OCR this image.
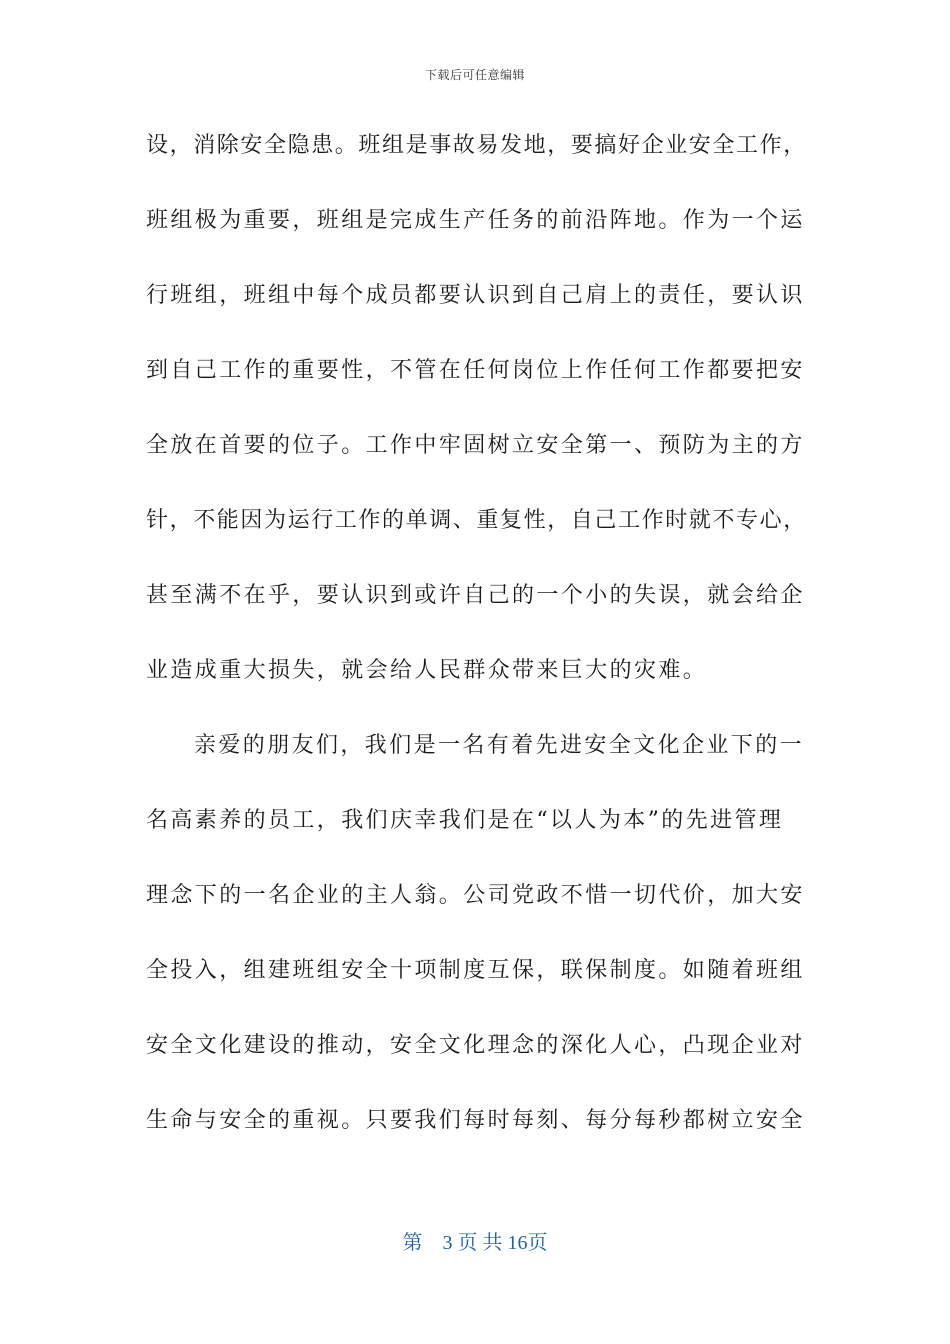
下载后可任意编辑
设，消除安全隐患。班组是事故易发地，要搞好企业安全工作，
班组极为重要，班组是完成生产任务的前沿阵地。作为一个运
行班组，班组中每个成员都要认识到自己肩上的责任，要认识
到自己工作的重要性，不管在任何岗位上作任何工作都要把安
全放在首要的位子。工作中牢固树立安全第一、预防为主的方
针，不能因为运行工作的单调、重复性，自己工作时就不专心，
甚至满不在乎，要认识到或许自己的一个小的失误，就会给企
业造成重大损失，就会给人民群众带来巨大的灾难。
亲爱的朋友们，我们是一名有着先进安全文化企业下的一
名高素养的员工，我们庆幸我们是在“以人为本”的先进管理
理念下的一名企业的主人翁。公司党政不惜一切代价，加大安
全投入，组建班组安全十项制度互保，联保制度。如随着班组
安全文化建设的推动，安全文化理念的深化人心，凸现企业对
生命与安全的重视。只要我们每时每刻、每分每秒都树立安全
第　3 页 共 16页
